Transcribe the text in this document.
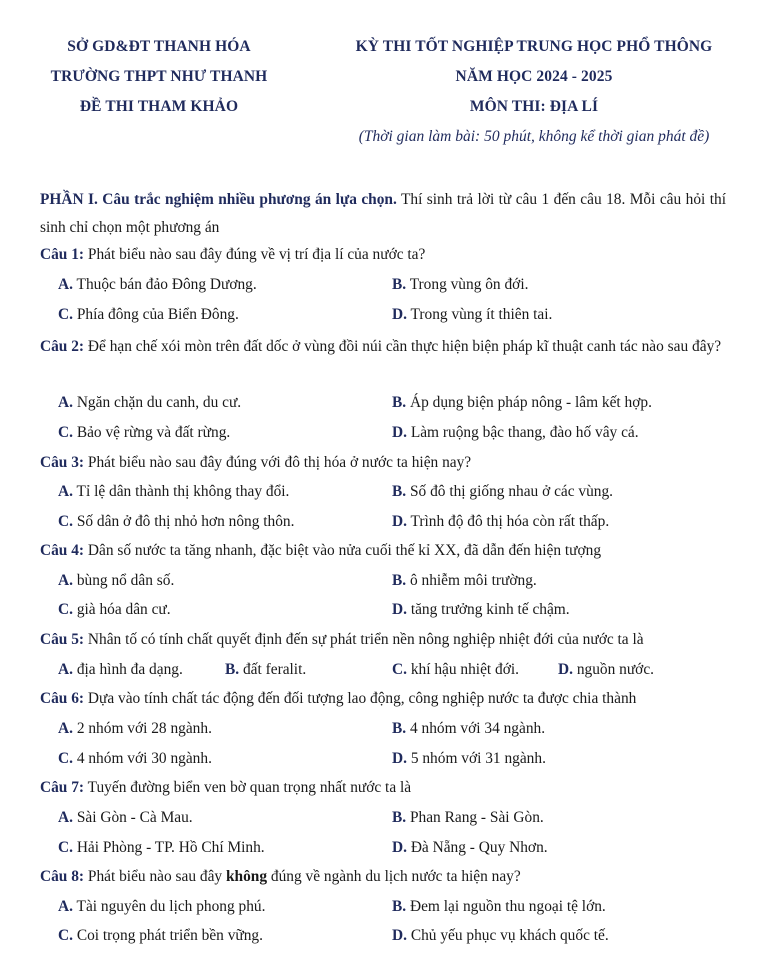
SỞ GD&ĐT THANH HÓA
TRƯỜNG THPT NHƯ THANH
ĐỀ THI THAM KHẢO
KỲ THI TỐT NGHIỆP TRUNG HỌC PHỔ THÔNG
NĂM HỌC 2024 - 2025
MÔN THI: ĐỊA LÍ
(Thời gian làm bài: 50 phút, không kể thời gian phát đề)
PHẦN I. Câu trắc nghiệm nhiều phương án lựa chọn. Thí sinh trả lời từ câu 1 đến câu 18. Mỗi câu hỏi thí sinh chỉ chọn một phương án
Câu 1: Phát biểu nào sau đây đúng về vị trí địa lí của nước ta?
A. Thuộc bán đảo Đông Dương.	B. Trong vùng ôn đới.
C. Phía đông của Biển Đông.	D. Trong vùng ít thiên tai.
Câu 2: Để hạn chế xói mòn trên đất dốc ở vùng đồi núi cần thực hiện biện pháp kĩ thuật canh tác nào sau đây?
A. Ngăn chặn du canh, du cư.	B. Áp dụng biện pháp nông - lâm kết hợp.
C. Bảo vệ rừng và đất rừng.	D. Làm ruộng bậc thang, đào hố vây cá.
Câu 3: Phát biểu nào sau đây đúng với đô thị hóa ở nước ta hiện nay?
A. Tỉ lệ dân thành thị không thay đổi.	B. Số đô thị giống nhau ở các vùng.
C. Số dân ở đô thị nhỏ hơn nông thôn.	D. Trình độ đô thị hóa còn rất thấp.
Câu 4: Dân số nước ta tăng nhanh, đặc biệt vào nửa cuối thế kỉ XX, đã dẫn đến hiện tượng
A. bùng nổ dân số.	B. ô nhiễm môi trường.
C. già hóa dân cư.	D. tăng trưởng kinh tế chậm.
Câu 5: Nhân tố có tính chất quyết định đến sự phát triển nền nông nghiệp nhiệt đới của nước ta là
A. địa hình đa dạng.	B. đất feralit.	C. khí hậu nhiệt đới.	D. nguồn nước.
Câu 6: Dựa vào tính chất tác động đến đối tượng lao động, công nghiệp nước ta được chia thành
A. 2 nhóm với 28 ngành.	B. 4 nhóm với 34 ngành.
C. 4 nhóm với 30 ngành.	D. 5 nhóm với 31 ngành.
Câu 7: Tuyến đường biển ven bờ quan trọng nhất nước ta là
A. Sài Gòn - Cà Mau.	B. Phan Rang - Sài Gòn.
C. Hải Phòng - TP. Hồ Chí Minh.	D. Đà Nẵng - Quy Nhơn.
Câu 8: Phát biểu nào sau đây không đúng về ngành du lịch nước ta hiện nay?
A. Tài nguyên du lịch phong phú.	B. Đem lại nguồn thu ngoại tệ lớn.
C. Coi trọng phát triển bền vững.	D. Chủ yếu phục vụ khách quốc tế.
